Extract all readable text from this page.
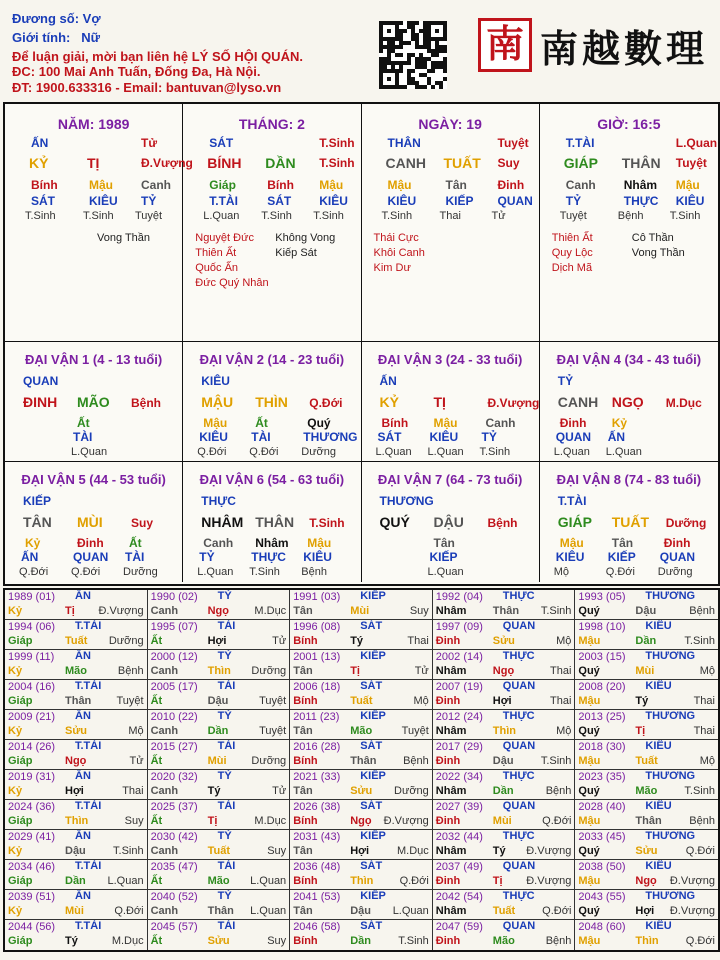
Đương số: Vợ
Giới tính: Nữ
Để luận giải, mời bạn liên hệ LÝ SỐ HỘI QUÁN.
ĐC: 100 Mai Anh Tuấn, Đống Đa, Hà Nội.
ĐT: 1900.633316 - Email: bantuvan@lyso.vn
南 南越數理
NĂM: 1989
ẤN	Tử
KỶ	TỊ	Đ.Vượng
Bính	Mậu Canh
SÁT	KIÊU TỶ
T.Sinh T.Sinh Tuyệt
Vong Thần
THÁNG: 2
SÁT	T.Sinh
BÍNH DẦN T.Sinh
Giáp	Bính Mậu
T.TÀI SÁT KIÊU
L.Quan T.Sinh T.Sinh
Nguyệt Đức
Thiên Ất
Quốc Ấn
Đức Quý Nhân
Không Vong
Kiếp Sát
NGÀY: 19
THÂN	Tuyệt
CANH TUẤT Suy
Mậu	Tân	Đinh
KIÊU KIẾP QUAN
T.Sinh Thai	Tử
Thái Cực
Khôi Canh
Kim Dư
GIỜ: 16:5
T.TÀI	L.Quan
GIÁP THÂN Tuyệt
Canh Nhâm Mậu
TỶ	THỰC KIÊU
Tuyệt	Bệnh T.Sinh
Thiên Ất
Quy Lộc
Dịch Mã
Cô Thần
Vong Thần
ĐẠI VẬN 1 (4 - 13 tuổi)
QUAN
ĐINH MÃO Bệnh
Ất
TÀI
L.Quan
ĐẠI VẬN 2 (14 - 23 tuổi)
KIÊU
MẬU THÌN Q.Đới
Mậu Ất	Quý
KIÊU TÀI	THƯƠNG
Q.Đới Q.Đới Dưỡng
ĐẠI VẬN 3 (24 - 33 tuổi)
ẤN
KỶ TỊ	Đ.Vượng
Bính Mậu Canh
SÁT KIÊU TỶ
L.Quan L.Quan T.Sinh
ĐẠI VẬN 4 (34 - 43 tuổi)
TỶ
CANH NGỌ M.Dục
Đinh Kỷ
QUAN ẤN
L.Quan L.Quan
ĐẠI VẬN 5 (44 - 53 tuổi)
KIẾP
TÂN MÙI Suy
Kỷ	Đinh Ất
ẤN	QUAN TÀI
Q.Đới Q.Đới Dưỡng
ĐẠI VẬN 6 (54 - 63 tuổi)
THỰC
NHÂM THÂN T.Sinh
Canh Nhâm Mậu
TỶ	THỰC KIÊU
L.Quan T.Sinh Bệnh
ĐẠI VẬN 7 (64 - 73 tuổi)
THƯƠNG
QUÝ DẬU Bệnh
Tân
KIẾP
L.Quan
ĐẠI VẬN 8 (74 - 83 tuổi)
T.TÀI
GIÁP TUẤT Dưỡng
Mậu Tân	Đinh
KIÊU KIẾP QUAN
Mộ	Q.Đới Dưỡng
1989 (01) ẤN
Kỷ	Tị Đ.Vượng
1990 (02) TỶ
Canh	Ngọ M.Dục
1991 (03) KIẾP
Tân	Mùi	Suy
1992 (04) THỰC
Nhâm Thân T.Sinh
1993 (05) THƯƠNG
Quý	Dậu	Bệnh
1994 (06) T.TÀI
Giáp	Tuất Dưỡng
1995 (07) TÀI
Ất	Hợi	Tử
1996 (08) SÁT
Bính	Tý	Thai
1997 (09) QUAN
Đinh	Sửu	Mộ
1998 (10) KIÊU
Mậu	Dần	T.Sinh
1999 (11) ẤN
Kỷ	Mão	Bệnh
2000 (12) TỶ
Canh	Thìn Dưỡng
2001 (13) KIẾP
Tân	Tị	Tử
2002 (14) THỰC
Nhâm Ngọ	Thai
2003 (15) THƯƠNG
Quý	Mùi	Mộ
2004 (16) T.TÀI
Giáp	Thân Tuyệt
2005 (17) TÀI
Ất	Dậu	Tuyệt
2006 (18) SÁT
Bính	Tuất	Mộ
2007 (19) QUAN
Đinh	Hợi	Thai
2008 (20) KIÊU
Mậu	Tý	Thai
2009 (21) ẤN
Kỷ	Sửu	Mộ
2010 (22) TỶ
Canh	Dần	Tuyệt
2011 (23) KIẾP
Tân	Mão	Tuyệt
2012 (24) THỰC
Nhâm Thìn	Mộ
2013 (25) THƯƠNG
Quý	Tị	Thai
2014 (26) T.TÀI
Giáp	Ngọ	Tử
2015 (27) TÀI
Ất	Mùi Dưỡng
2016 (28) SÁT
Bính	Thân Bệnh
2017 (29) QUAN
Đinh	Dậu T.Sinh
2018 (30) KIÊU
Mậu	Tuất	Mộ
2019 (31) ẤN
Kỷ	Hợi	Thai
2020 (32) TỶ
Canh	Tý	Tử
2021 (33) KIẾP
Tân	Sửu Dưỡng
2022 (34) THỰC
Nhâm Dần	Bệnh
2023 (35) THƯƠNG
Quý	Mão T.Sinh
2024 (36) T.TÀI
Giáp	Thìn	Suy
2025 (37) TÀI
Ất	Tị	M.Dục
2026 (38) SÁT
Bính	Ngọ Đ.Vượng
2027 (39) QUAN
Đinh	Mùi	Q.Đới
2028 (40) KIÊU
Mậu	Thân	Bệnh
2029 (41) ẤN
Kỷ	Dậu T.Sinh
2030 (42) TỶ
Canh	Tuất	Suy
2031 (43) KIẾP
Tân	Hợi	M.Dục
2032 (44) THỰC
Nhâm Tý Đ.Vượng
2033 (45) THƯƠNG
Quý	Sửu	Q.Đới
2034 (46) T.TÀI
Giáp	Dần L.Quan
2035 (47) TÀI
Ất	Mão L.Quan
2036 (48) SÁT
Bính	Thìn Q.Đới
2037 (49) QUAN
Đinh	Tị Đ.Vượng
2038 (50) KIÊU
Mậu	Ngọ Đ.Vượng
2039 (51) ẤN
Kỷ	Mùi	Q.Đới
2040 (52) TỶ
Canh	Thân L.Quan
2041 (53) KIẾP
Tân	Dậu L.Quan
2042 (54) THỰC
Nhâm Tuất Q.Đới
2043 (55) THƯƠNG
Quý	Hợi Đ.Vượng
2044 (56) T.TÀI
Giáp	Tý	M.Dục
2045 (57) TÀI
Ất	Sửu	Suy
2046 (58) SÁT
Bính	Dần T.Sinh
2047 (59) QUAN
Đinh	Mão	Bệnh
2048 (60) KIÊU
Mậu	Thìn Q.Đới
